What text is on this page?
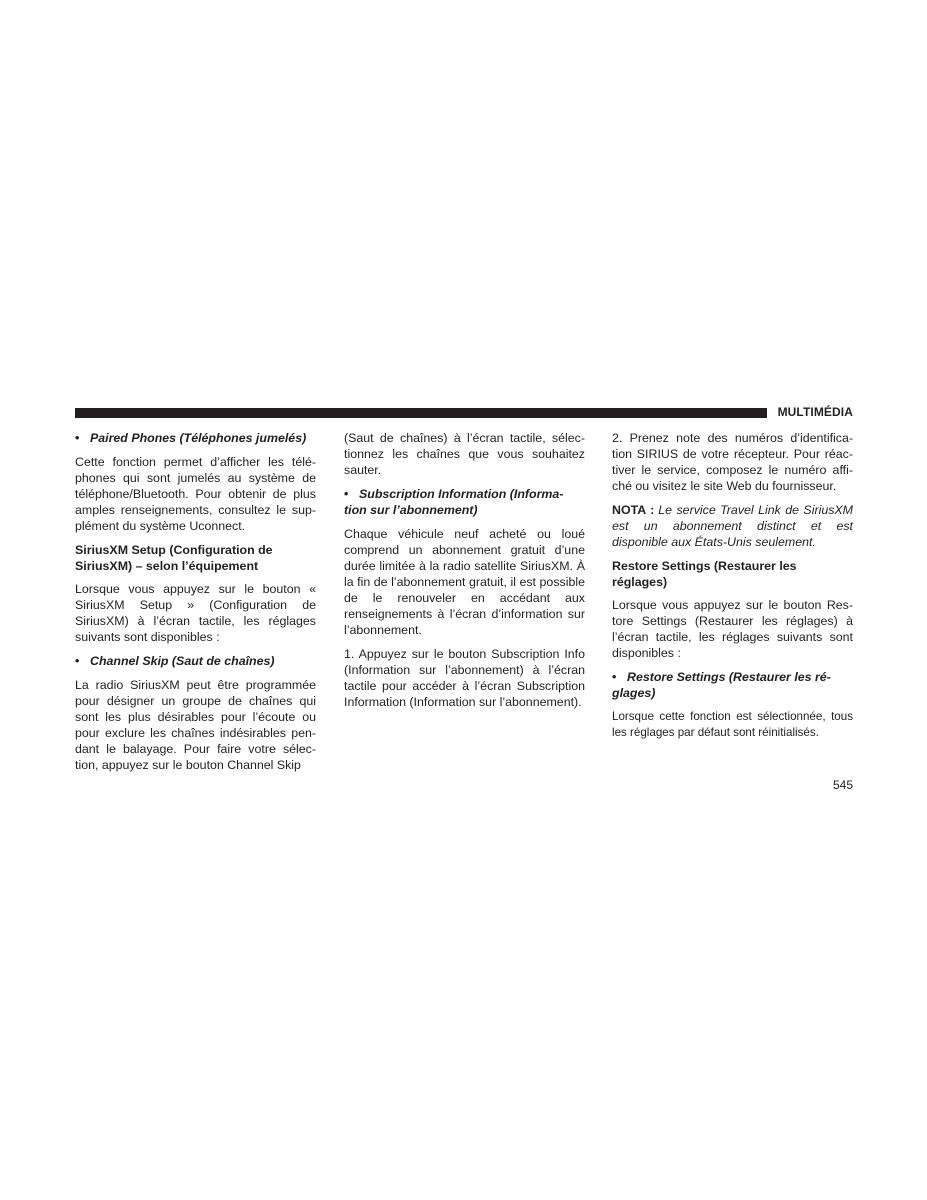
MULTIMÉDIA

• Paired Phones (Téléphones jumelés)

Cette fonction permet d’afficher les télé-phones qui sont jumelés au système de téléphone/Bluetooth. Pour obtenir de plus amples renseignements, consultez le sup-plément du système Uconnect.

SiriusXM Setup (Configuration de SiriusXM) – selon l’équipement

Lorsque vous appuyez sur le bouton « SiriusXM Setup » (Configuration de SiriusXM) à l’écran tactile, les réglages suivants sont disponibles :

• Channel Skip (Saut de chaînes)

La radio SiriusXM peut être programmée pour désigner un groupe de chaînes qui sont les plus désirables pour l’écoute ou pour exclure les chaînes indésirables pen-dant le balayage. Pour faire votre sélec-tion, appuyez sur le bouton Channel Skip

(Saut de chaînes) à l’écran tactile, sélec-tionnez les chaînes que vous souhaitez sauter.

• Subscription Information (Informa-tion sur l’abonnement)

Chaque véhicule neuf acheté ou loué comprend un abonnement gratuit d’une durée limitée à la radio satellite SiriusXM. À la fin de l’abonnement gratuit, il est possible de le renouveler en accédant aux renseignements à l’écran d’information sur l’abonnement.

1. Appuyez sur le bouton Subscription Info (Information sur l’abonnement) à l’écran tactile pour accéder à l’écran Subscription Information (Information sur l’abonnement).

2. Prenez note des numéros d’identifica-tion SIRIUS de votre récepteur. Pour réac-tiver le service, composez le numéro affi-ché ou visitez le site Web du fournisseur.

NOTA : Le service Travel Link de SiriusXM est un abonnement distinct et est disponible aux États-Unis seulement.

Restore Settings (Restaurer les réglages)

Lorsque vous appuyez sur le bouton Res-tore Settings (Restaurer les réglages) à l’écran tactile, les réglages suivants sont disponibles :

• Restore Settings (Restaurer les ré-glages)

Lorsque cette fonction est sélectionnée, tous les réglages par défaut sont réinitialisés.

545
